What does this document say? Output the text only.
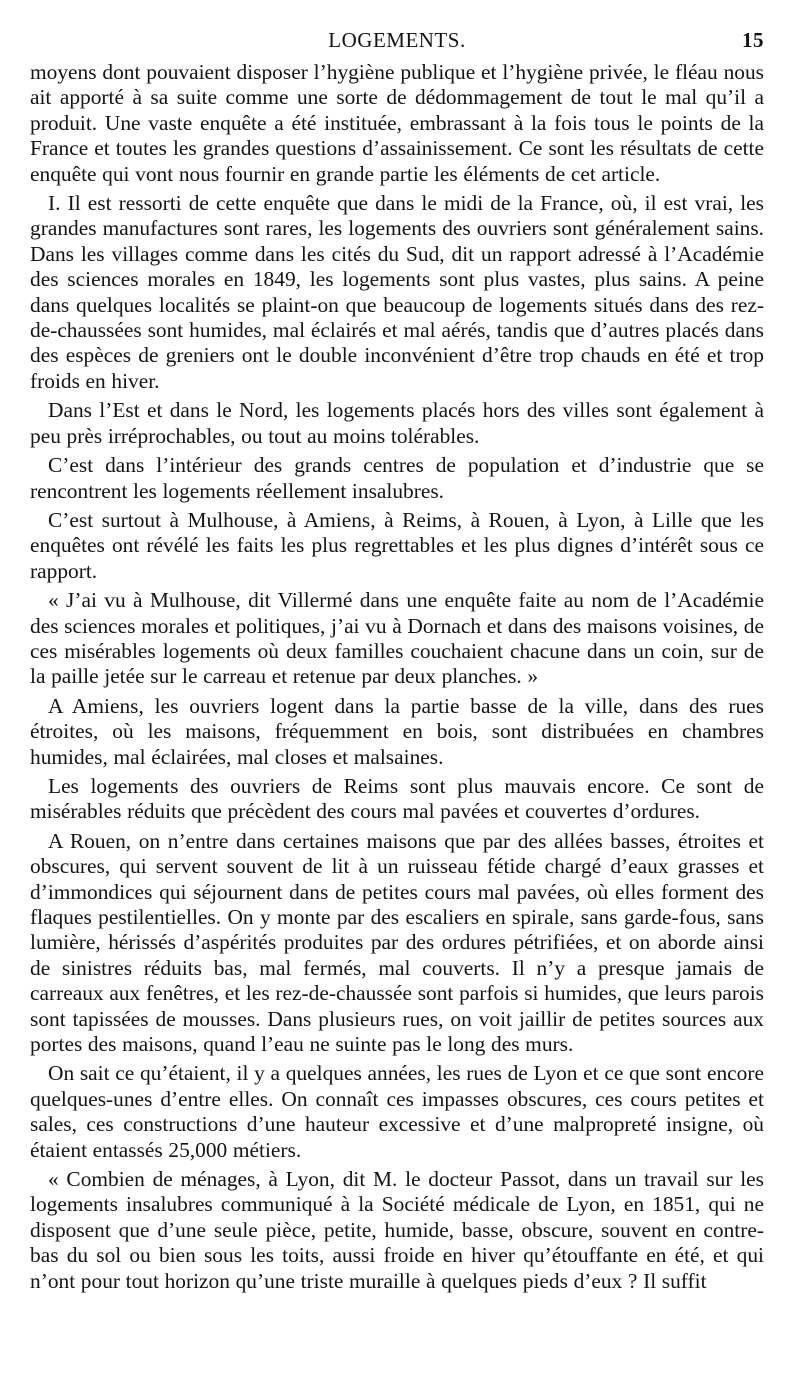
LOGEMENTS.	15

moyens dont pouvaient disposer l’hygiène publique et l’hygiène privée, le fléau nous ait apporté à sa suite comme une sorte de dédommagement de tout le mal qu’il a produit. Une vaste enquête a été instituée, embrassant à la fois tous le points de la France et toutes les grandes questions d’assainissement. Ce sont les résultats de cette enquête qui vont nous fournir en grande partie les éléments de cet article.

I. Il est ressorti de cette enquête que dans le midi de la France, où, il est vrai, les grandes manufactures sont rares, les logements des ouvriers sont généralement sains. Dans les villages comme dans les cités du Sud, dit un rapport adressé à l’Académie des sciences morales en 1849, les logements sont plus vastes, plus sains. A peine dans quelques localités se plaint-on que beaucoup de logements situés dans des rez-de-chaussées sont humides, mal éclairés et mal aérés, tandis que d’autres placés dans des espèces de greniers ont le double inconvénient d’être trop chauds en été et trop froids en hiver.

Dans l’Est et dans le Nord, les logements placés hors des villes sont également à peu près irréprochables, ou tout au moins tolérables.

C’est dans l’intérieur des grands centres de population et d’industrie que se rencontrent les logements réellement insalubres.

C’est surtout à Mulhouse, à Amiens, à Reims, à Rouen, à Lyon, à Lille que les enquêtes ont révélé les faits les plus regrettables et les plus dignes d’intérêt sous ce rapport.

« J’ai vu à Mulhouse, dit Villermé dans une enquête faite au nom de l’Académie des sciences morales et politiques, j’ai vu à Dornach et dans des maisons voisines, de ces misérables logements où deux familles couchaient chacune dans un coin, sur de la paille jetée sur le carreau et retenue par deux planches. »

A Amiens, les ouvriers logent dans la partie basse de la ville, dans des rues étroites, où les maisons, fréquemment en bois, sont distribuées en chambres humides, mal éclairées, mal closes et malsaines.

Les logements des ouvriers de Reims sont plus mauvais encore. Ce sont de misérables réduits que précèdent des cours mal pavées et couvertes d’ordures.

A Rouen, on n’entre dans certaines maisons que par des allées basses, étroites et obscures, qui servent souvent de lit à un ruisseau fétide chargé d’eaux grasses et d’immondices qui séjournent dans de petites cours mal pavées, où elles forment des flaques pestilentielles. On y monte par des escaliers en spirale, sans garde-fous, sans lumière, hérissés d’aspérités produites par des ordures pétrifiées, et on aborde ainsi de sinistres réduits bas, mal fermés, mal couverts. Il n’y a presque jamais de carreaux aux fenêtres, et les rez-de-chaussée sont parfois si humides, que leurs parois sont tapissées de mousses. Dans plusieurs rues, on voit jaillir de petites sources aux portes des maisons, quand l’eau ne suinte pas le long des murs.

On sait ce qu’étaient, il y a quelques années, les rues de Lyon et ce que sont encore quelques-unes d’entre elles. On connaît ces impasses obscures, ces cours petites et sales, ces constructions d’une hauteur excessive et d’une malpropreté insigne, où étaient entassés 25,000 métiers.

« Combien de ménages, à Lyon, dit M. le docteur Passot, dans un travail sur les logements insalubres communiqué à la Société médicale de Lyon, en 1851, qui ne disposent que d’une seule pièce, petite, humide, basse, obscure, souvent en contre-bas du sol ou bien sous les toits, aussi froide en hiver qu’étouffante en été, et qui n’ont pour tout horizon qu’une triste muraille à quelques pieds d’eux ? Il suffit
